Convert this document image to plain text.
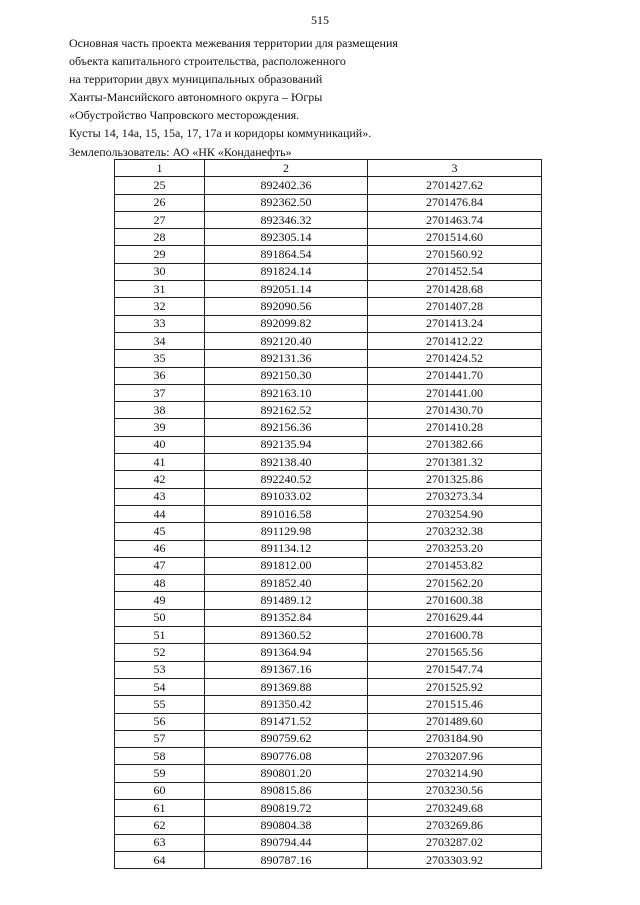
515
Основная часть проекта межевания территории для размещения
объекта капитального строительства, расположенного
на территории двух муниципальных образований
Ханты-Мансийского автономного округа – Югры
«Обустройство Чапровского месторождения.
Кусты 14, 14а, 15, 15а, 17, 17а и коридоры коммуникаций».
Землепользователь: АО «НК «Конданефть»
1	2	3
25	892402.36	2701427.62
26	892362.50	2701476.84
27	892346.32	2701463.74
28	892305.14	2701514.60
29	891864.54	2701560.92
30	891824.14	2701452.54
31	892051.14	2701428.68
32	892090.56	2701407.28
33	892099.82	2701413.24
34	892120.40	2701412.22
35	892131.36	2701424.52
36	892150.30	2701441.70
37	892163.10	2701441.00
38	892162.52	2701430.70
39	892156.36	2701410.28
40	892135.94	2701382.66
41	892138.40	2701381.32
42	892240.52	2701325.86
43	891033.02	2703273.34
44	891016.58	2703254.90
45	891129.98	2703232.38
46	891134.12	2703253.20
47	891812.00	2701453.82
48	891852.40	2701562.20
49	891489.12	2701600.38
50	891352.84	2701629.44
51	891360.52	2701600.78
52	891364.94	2701565.56
53	891367.16	2701547.74
54	891369.88	2701525.92
55	891350.42	2701515.46
56	891471.52	2701489.60
57	890759.62	2703184.90
58	890776.08	2703207.96
59	890801.20	2703214.90
60	890815.86	2703230.56
61	890819.72	2703249.68
62	890804.38	2703269.86
63	890794.44	2703287.02
64	890787.16	2703303.92
